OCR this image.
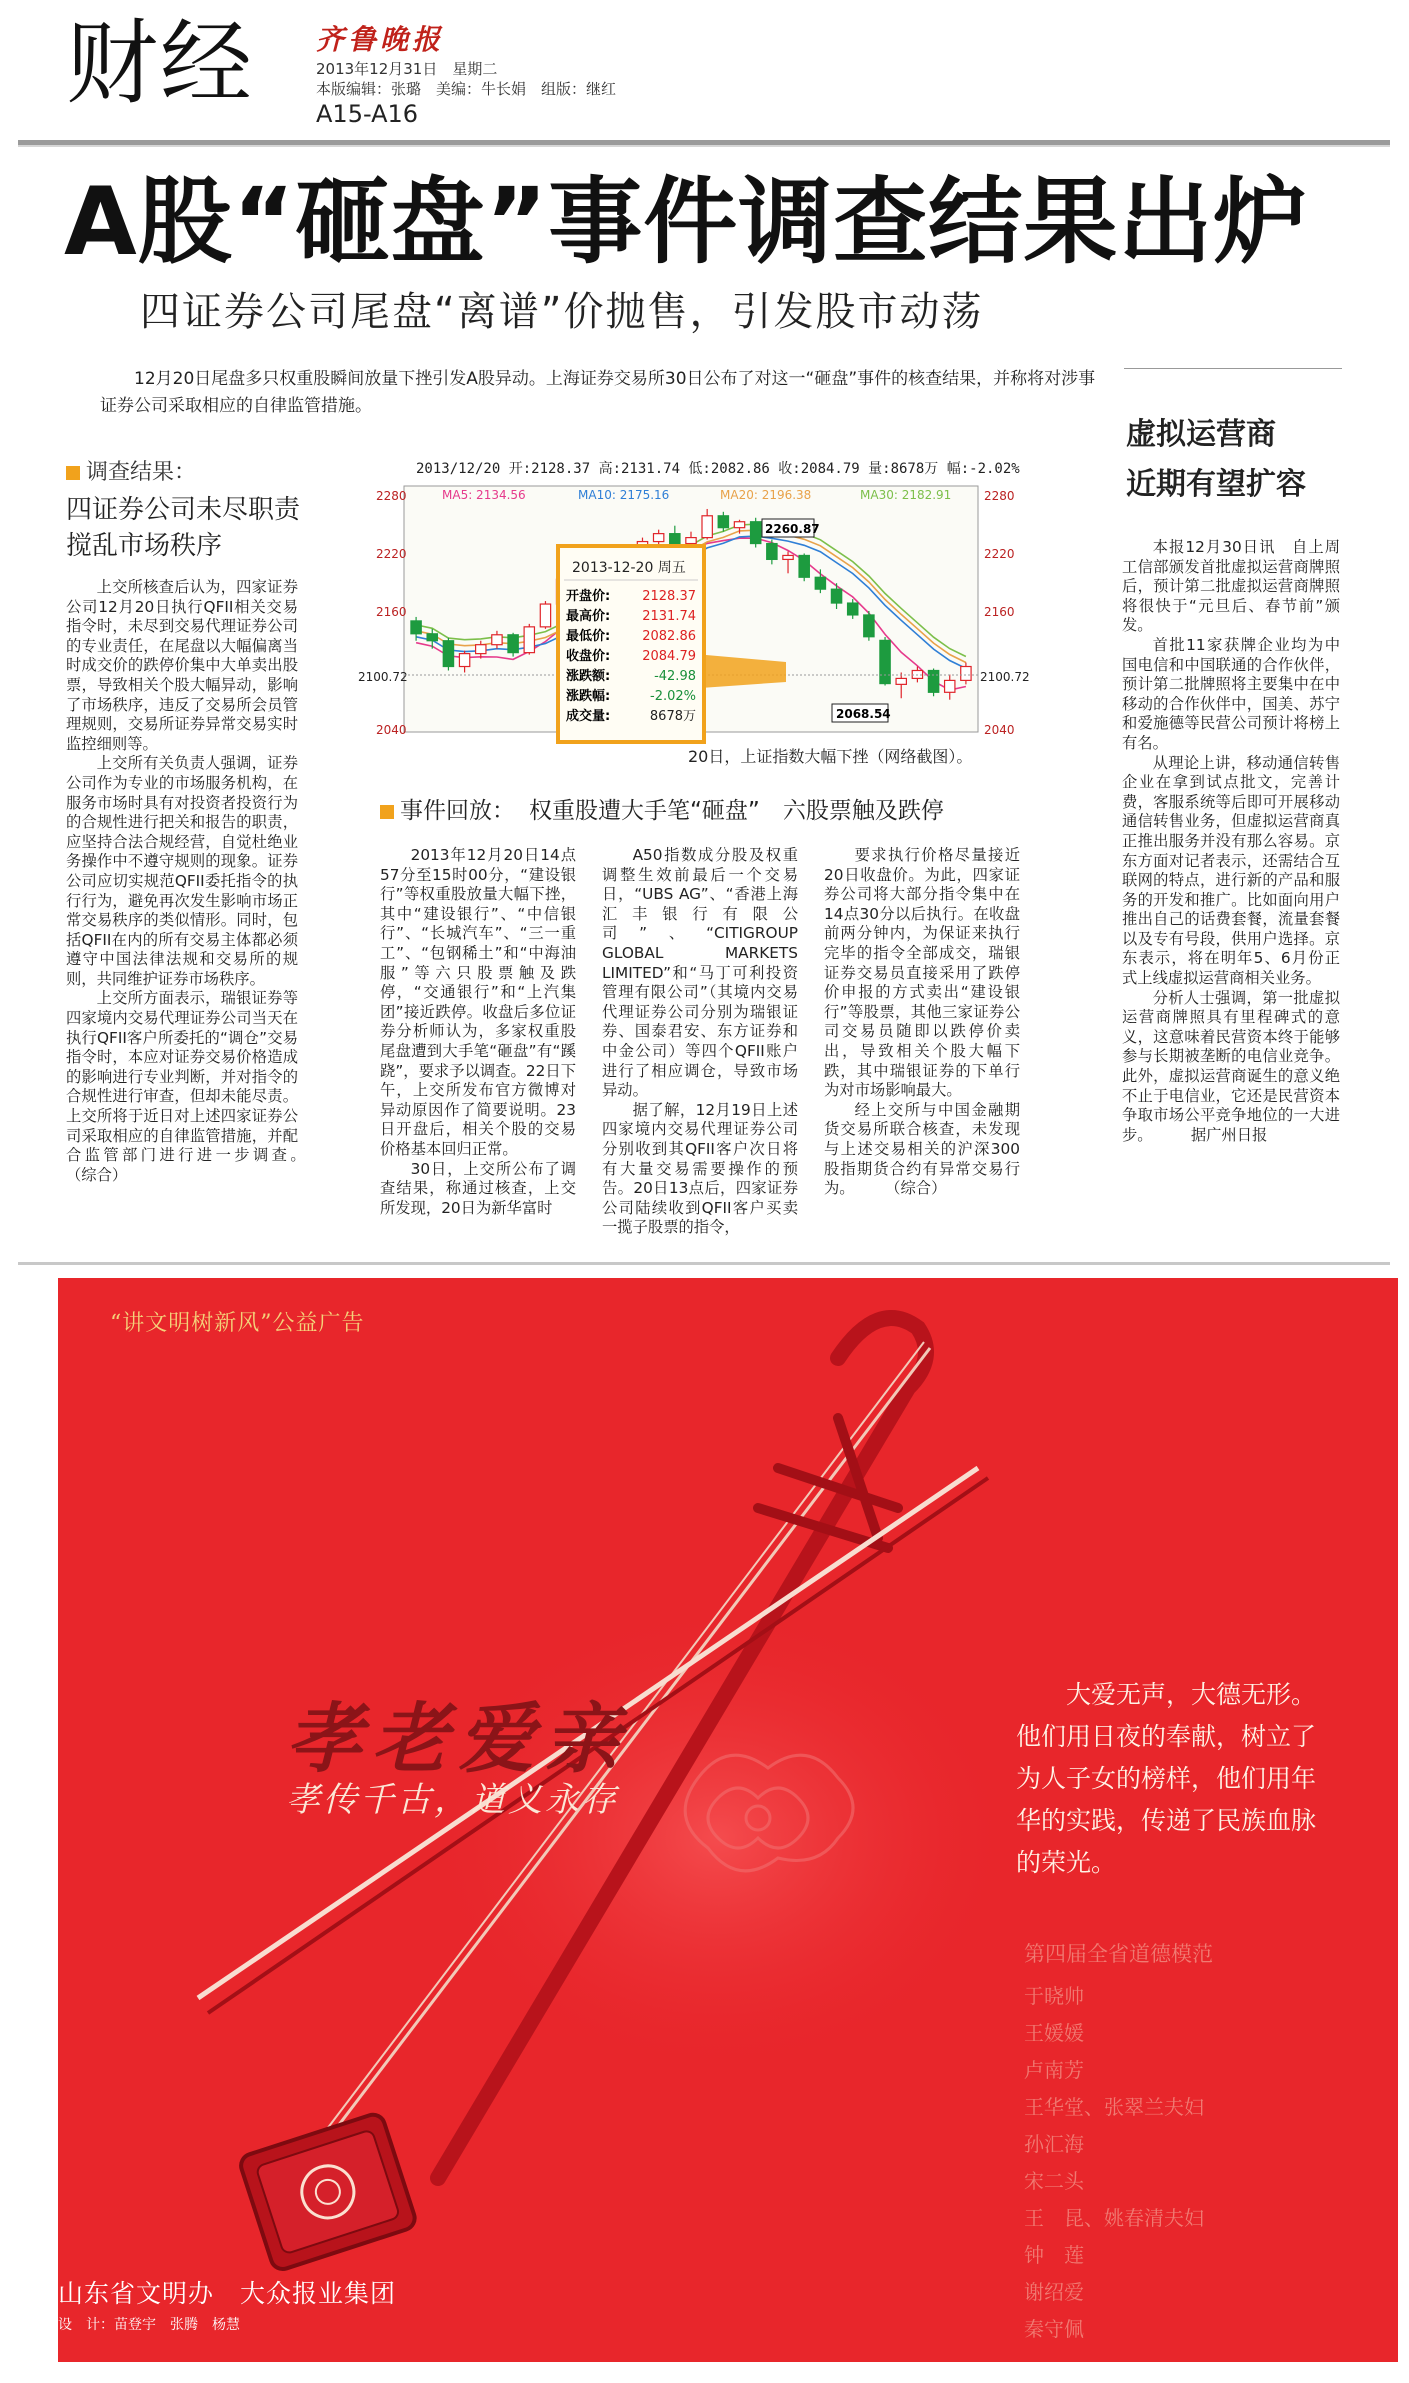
财经 齐鲁晚报
2013年12月31日　星期二
本版编辑：张璐　美编：牛长娟　组版：继红
A15-A16
A股“砸盘”事件调查结果出炉
四证券公司尾盘“离谱”价抛售，引发股市动荡
12月20日尾盘多只权重股瞬间放量下挫引发A股异动。上海证券交易所30日公布了对这一“砸盘”事件的核查结果，并称将对涉事证券公司采取相应的自律监管措施。
调查结果：
四证券公司未尽职责
搅乱市场秩序

上交所核查后认为，四家证券公司12月20日执行QFII相关交易指令时，未尽到交易代理证券公司的专业责任，在尾盘以大幅偏离当时成交价的跌停价集中大单卖出股票，导致相关个股大幅异动，影响了市场秩序，违反了交易所会员管理规则，交易所证券异常交易实时监控细则等。

上交所有关负责人强调，证券公司作为专业的市场服务机构，在服务市场时具有对投资者投资行为的合规性进行把关和报告的职责，应坚持合法合规经营，自觉杜绝业务操作中不遵守规则的现象。证券公司应切实规范QFII委托指令的执行行为，避免再次发生影响市场正常交易秩序的类似情形。同时，包括QFII在内的所有交易主体都必须遵守中国法律法规和交易所的规则，共同维护证券市场秩序。

上交所方面表示，瑞银证券等四家境内交易代理证券公司当天在执行QFII客户所委托的“调仓”交易指令时，本应对证券交易价格造成的影响进行专业判断，并对指令的合规性进行审查，但却未能尽责。上交所将于近日对上述四家证券公司采取相应的自律监管措施，并配合监管部门进行进一步调查。　　（综合）

2013/12/20 开:2128.37 高:2131.74 低:2082.86 收:2084.79 量:8678万 幅:-2.02%
MA5: 2134.56	MA10: 2175.16	MA20: 2196.38	MA30: 2182.91
2280
2220
2160
2100.72
2040
2280
2220
2160
2100.72
2040
2260.87
2068.54
2013-12-20 周五
开盘价: 2128.37
最高价: 2131.74
最低价: 2082.86
收盘价: 2084.79
涨跌额:	-42.98
涨跌幅:	-2.02%
成交量:	8678万
20日，上证指数大幅下挫（网络截图）。
事件回放： 权重股遭大手笔“砸盘”　六股票触及跌停

2013年12月20日14点57分至15时00分，“建设银行”等权重股放量大幅下挫，其中“建设银行”、“中信银行”、“长城汽车”、“三一重工”、“包钢稀土”和“中海油服”等六只股票触及跌停，“交通银行”和“上汽集团”接近跌停。收盘后多位证券分析师认为，多家权重股尾盘遭到大手笔“砸盘”有“蹊跷”，要求予以调查。22日下午，上交所发布官方微博对异动原因作了简要说明。23日开盘后，相关个股的交易价格基本回归正常。

30日，上交所公布了调查结果，称通过核查，上交所发现，20日为新华富时

A50指数成分股及权重调整生效前最后一个交易日，“UBS AG”、“香港上海汇丰银行有限公司”、“CITIGROUP GLOBAL MARKETS LIMITED”和“马丁可利投资管理有限公司”（其境内交易代理证券公司分别为瑞银证券、国泰君安、东方证券和中金公司）等四个QFII账户进行了相应调仓，导致市场异动。

据了解，12月19日上述四家境内交易代理证券公司分别收到其QFII客户次日将有大量交易需要操作的预告。20日13点后，四家证券公司陆续收到QFII客户买卖一揽子股票的指令，

要求执行价格尽量接近20日收盘价。为此，四家证券公司将大部分指令集中在14点30分以后执行。在收盘前两分钟内，为保证来执行完毕的指令全部成交，瑞银证券交易员直接采用了跌停价申报的方式卖出“建设银行”等股票，其他三家证券公司交易员随即以跌停价卖出，导致相关个股大幅下跌，其中瑞银证券的下单行为对市场影响最大。

经上交所与中国金融期货交易所联合核查，未发现与上述交易相关的沪深300股指期货合约有异常交易行为。　　　（综合）

虚拟运营商
近期有望扩容

本报12月30日讯　自上周工信部颁发首批虚拟运营商牌照后，预计第二批虚拟运营商牌照将很快于“元旦后、春节前”颁发。

首批11家获牌企业均为中国电信和中国联通的合作伙伴，预计第二批牌照将主要集中在中移动的合作伙伴中，国美、苏宁和爱施德等民营公司预计将榜上有名。

从理论上讲，移动通信转售企业在拿到试点批文，完善计费，客服系统等后即可开展移动通信转售业务，但虚拟运营商真正推出服务并没有那么容易。京东方面对记者表示，还需结合互联网的特点，进行新的产品和服务的开发和推广。比如面向用户推出自己的话费套餐，流量套餐以及专有号段，供用户选择。京东表示，将在明年5、6月份正式上线虚拟运营商相关业务。

分析人士强调，第一批虚拟运营商牌照具有里程碑式的意义，这意味着民营资本终于能够参与长期被垄断的电信业竞争。此外，虚拟运营商诞生的意义绝不止于电信业，它还是民营资本争取市场公平竞争地位的一大进步。　　　据广州日报

“讲文明树新风”公益广告
孝老爱亲
孝传千古，道义永存
大爱无声，大德无形。他们用日夜的奉献，树立了为人子女的榜样，他们用年华的实践，传递了民族血脉的荣光。
第四届全省道德模范
于晓帅
王媛媛
卢南芳
王华堂、张翠兰夫妇
孙汇海
宋二头
王　昆、姚春清夫妇
钟　莲
谢绍爱
秦守佩
山东省文明办　大众报业集团
设　计：苗登宇　张腾　杨慧
